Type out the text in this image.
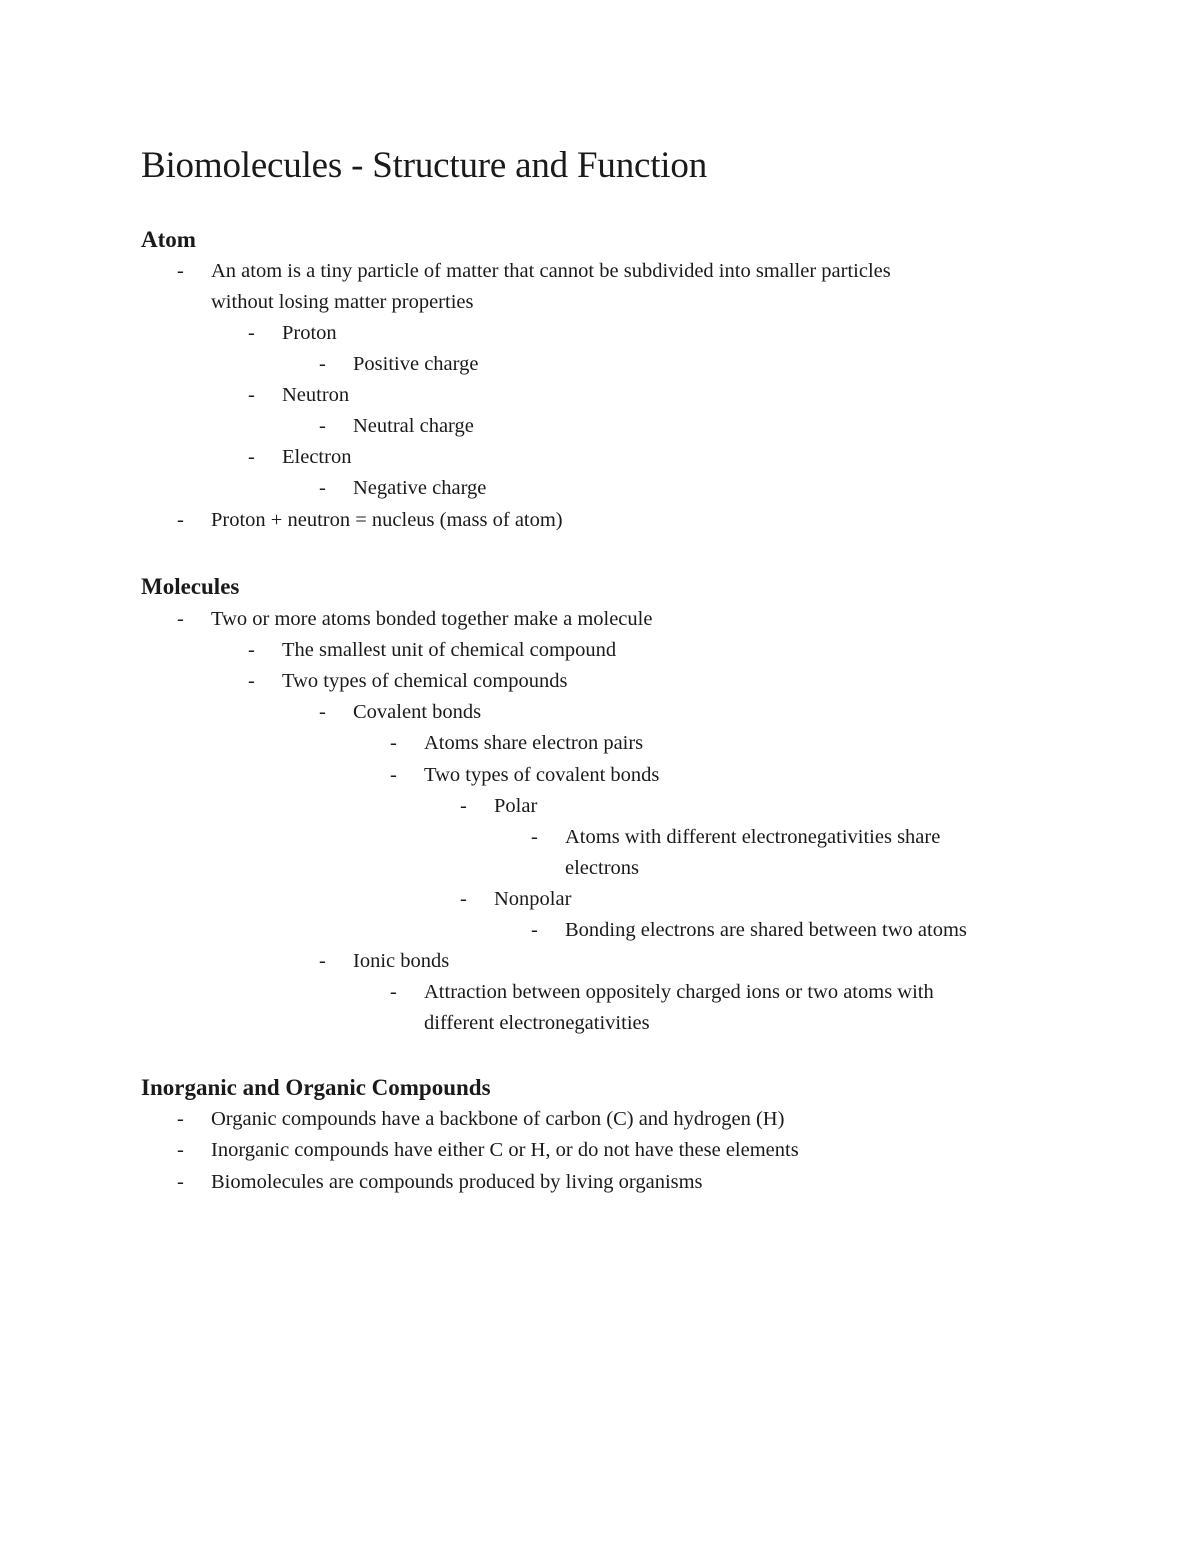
Biomolecules - Structure and Function
Atom
- An atom is a tiny particle of matter that cannot be subdivided into smaller particles
without losing matter properties
- Proton
- Positive charge
- Neutron
- Neutral charge
- Electron
- Negative charge
- Proton + neutron = nucleus (mass of atom)
Molecules
- Two or more atoms bonded together make a molecule
- The smallest unit of chemical compound
- Two types of chemical compounds
- Covalent bonds
- Atoms share electron pairs
- Two types of covalent bonds
- Polar
- Atoms with different electronegativities share
electrons
- Nonpolar
- Bonding electrons are shared between two atoms
- Ionic bonds
- Attraction between oppositely charged ions or two atoms with
different electronegativities
Inorganic and Organic Compounds
- Organic compounds have a backbone of carbon (C) and hydrogen (H)
- Inorganic compounds have either C or H, or do not have these elements
- Biomolecules are compounds produced by living organisms
